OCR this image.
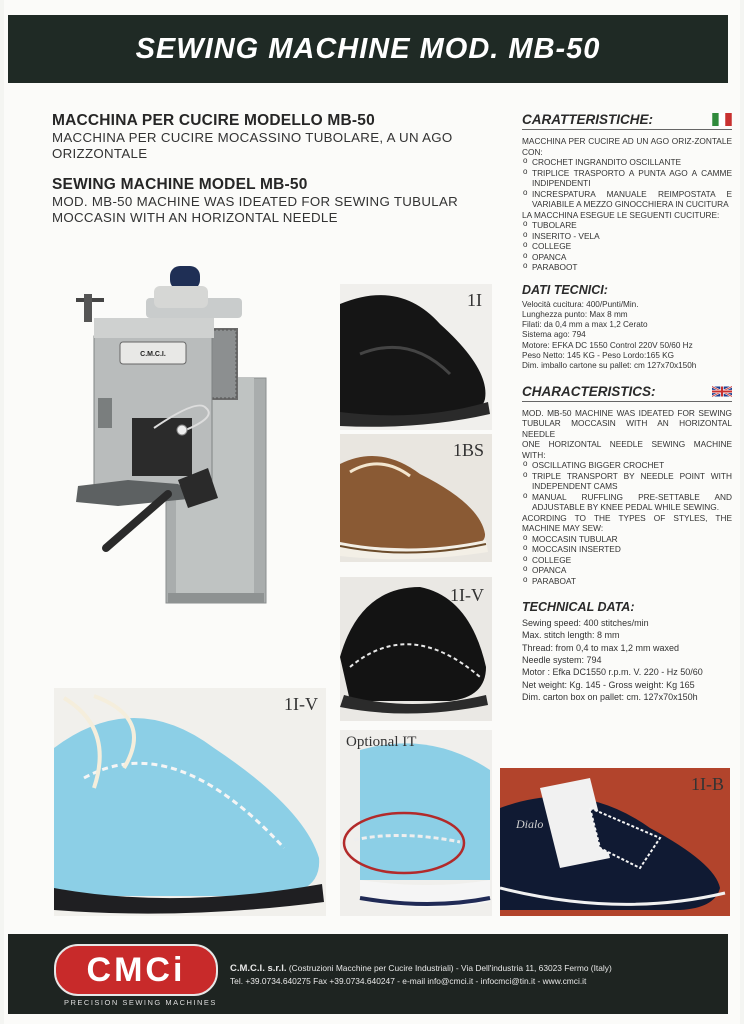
SEWING MACHINE MOD. MB-50
MACCHINA PER CUCIRE MODELLO MB-50
MACCHINA PER CUCIRE MOCASSINO TUBOLARE, A UN AGO
ORIZZONTALE
SEWING MACHINE MODEL MB-50
MOD. MB-50 MACHINE WAS IDEATED FOR SEWING TUBULAR
MOCCASIN WITH AN HORIZONTAL NEEDLE
CARATTERISTICHE:
MACCHINA PER CUCIRE AD UN AGO ORIZ-ZONTALE CON:
o CROCHET INGRANDITO OSCILLANTE
o TRIPLICE TRASPORTO A PUNTA AGO A CAMME INDIPENDENTI
o INCRESPATURA MANUALE REIMPOSTATA E VARIABILE A MEZZO GINOCCHIERA IN CUCITURA
LA MACCHINA ESEGUE LE SEGUENTI CUCITURE:
o TUBOLARE
o INSERITO - VELA
o COLLEGE
o OPANCA
o PARABOOT
DATI TECNICI:
Velocità cucitura: 400/Punti/Min.
Lunghezza punto: Max 8 mm
Filati: da 0,4 mm a max 1,2 Cerato
Sistema ago: 794
Motore: EFKA DC 1550 Control 220V 50/60 Hz
Peso Netto: 145 KG - Peso Lordo:165 KG
Dim. imballo cartone su pallet: cm 127x70x150h
CHARACTERISTICS:
MOD. MB-50 MACHINE WAS IDEATED FOR SEWING TUBULAR MOCCASIN WITH AN HORIZONTAL NEEDLE
ONE HORIZONTAL NEEDLE SEWING MACHINE WITH:
o OSCILLATING BIGGER CROCHET
o TRIPLE TRANSPORT BY NEEDLE POINT WITH INDEPENDENT CAMS
o MANUAL RUFFLING PRE-SETTABLE AND ADJUSTABLE BY KNEE PEDAL WHILE SEWING.
ACORDING TO THE TYPES OF STYLES, THE MACHINE MAY SEW:
o MOCCASIN TUBULAR
o MOCCASIN INSERTED
o COLLEGE
o OPANCA
o PARABOAT
TECHNICAL DATA:
Sewing speed: 400 stitches/min
Max. stitch length: 8 mm
Thread: from 0,4 to max 1,2 mm waxed
Needle system: 794
Motor : Efka DC1550 r.p.m. V. 220 - Hz 50/60
Net weight: Kg. 145 - Gross weight: Kg 165
Dim. carton box on pallet: cm. 127x70x150h
C.M.C.I.
1I
1BS
1I-V
1I-V
Optional IT
Dialo
1I-B
CMCi
PRECISION SEWING MACHINES
C.M.C.I. s.r.l. (Costruzioni Macchine per Cucire Industriali) - Via Dell'industria 11, 63023 Fermo (Italy)
Tel. +39.0734.640275 Fax +39.0734.640247 - e-mail info@cmci.it - infocmci@tin.it - www.cmci.it
